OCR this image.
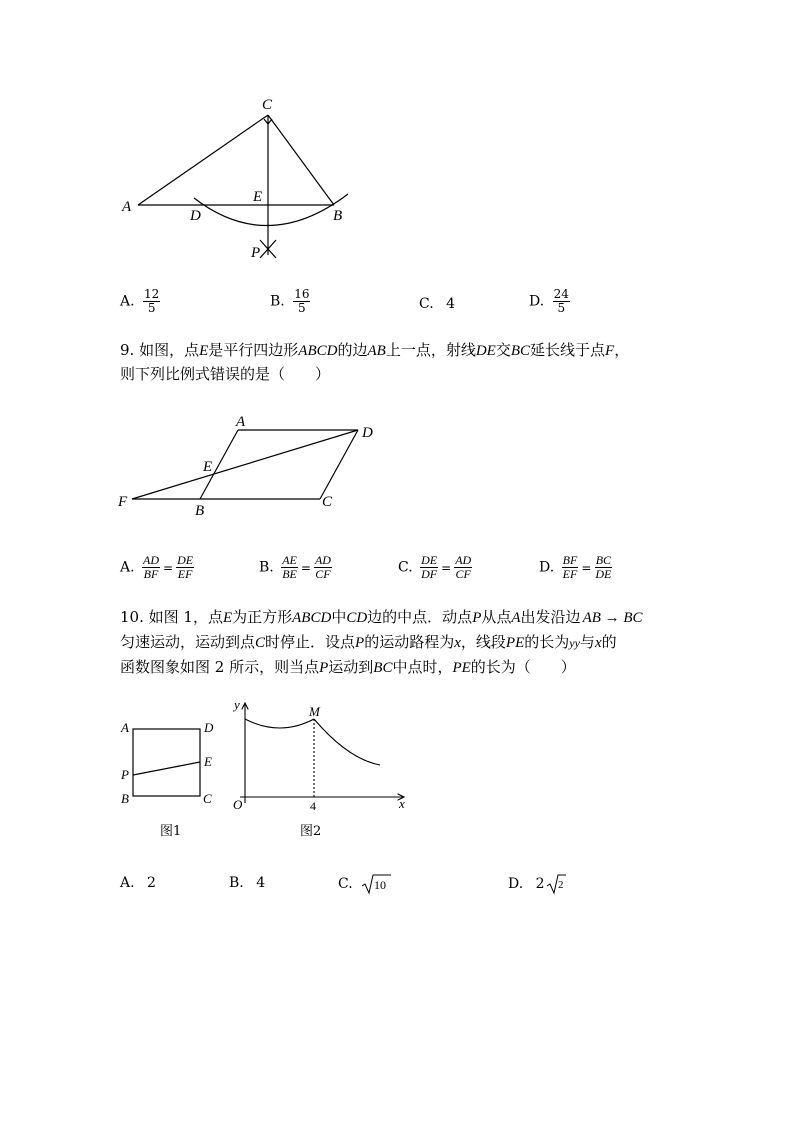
C
A
E
D	B
P
A. $\frac{12}{5}$	B. $\frac{16}{5}$	C. 4	D. $\frac{24}{5}$
9. 如图，点E是平行四边形ABCD的边AB上一点，射线DE交BC延长线于点F，
则下列比例式错误的是（　　）
A
D
E
F
B
C
A. $\frac{AD}{BF} = \frac{DE}{EF}$	B. $\frac{AE}{BE} = \frac{AD}{CF}$	C. $\frac{DE}{DF} = \frac{AD}{CF}$	D. $\frac{BF}{EF} = \frac{BC}{DE}$
10. 如图 1，点E为正方形ABCD中CD边的中点．动点P从点A出发沿边 AB → BC
匀速运动，运动到点C时停止．设点P的运动路程为x，线段PE的长为yy与x的
函数图象如图 2 所示，则当点P运动到BC中点时，PE的长为（　　）
A	D
P
E
B	C
图1
y	M
O	4	x
图2
A. 2	B. 4	C. 10	D. 2 2
